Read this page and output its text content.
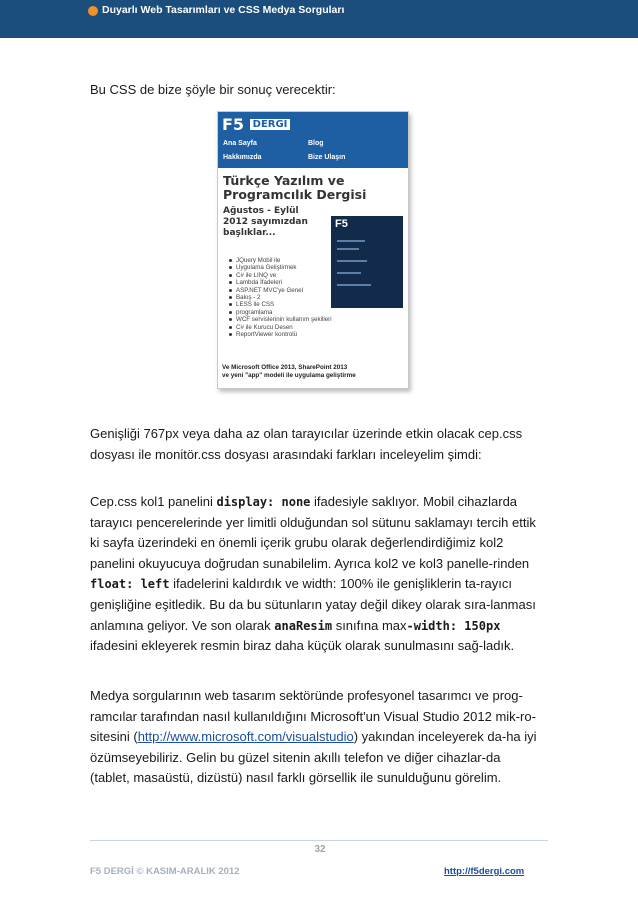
Duyarlı Web Tasarımları ve CSS Medya Sorguları
Bu CSS de bize şöyle bir sonuç verecektir:
F5 DERGİ
Ana Sayfa	Blog
Hakkımızda	Bize Ulaşın
Türkçe Yazılım ve
Programcılık Dergisi
Ağustos - Eylül
2012 sayımızdan
başlıklar...
F5
JQuery Mobil ile
Uygulama Geliştirmek
C# ile LINQ ve
Lambda İfadeleri
ASP.NET MVC'ye Genel
Bakış - 2
LESS ile CSS
programlama
WCF servislerinin kullanım şekilleri
C# ile Kurucu Desen
ReportViewer kontrolü
Ve Microsoft Office 2013, SharePoint 2013
ve yeni "app" modeli ile uygulama geliştirme
Genişliği 767px veya daha az olan tarayıcılar üzerinde etkin olacak cep.css dosyası ile monitör.css dosyası arasındaki farkları inceleyelim şimdi:
Cep.css kol1 panelini display: none ifadesiyle saklıyor. Mobil cihazlarda tarayıcı pencerelerinde yer limitli olduğundan sol sütunu saklamayı tercih ettik ki sayfa üzerindeki en önemli içerik grubu olarak değerlendirdiğimiz kol2 panelini okuyucuya doğrudan sunabilelim. Ayrıca kol2 ve kol3 panelle-rinden float: left ifadelerini kaldırdık ve width: 100% ile genişliklerin ta-rayıcı genişliğine eşitledik. Bu da bu sütunların yatay değil dikey olarak sıra-lanması anlamına geliyor. Ve son olarak anaResim sınıfına max-width: 150px ifadesini ekleyerek resmin biraz daha küçük olarak sunulmasını sağ-ladık.
Medya sorgularının web tasarım sektöründe profesyonel tasarımcı ve prog-ramcılar tarafından nasıl kullanıldığını Microsoft'un Visual Studio 2012 mik-ro-sitesini (http://www.microsoft.com/visualstudio) yakından inceleyerek da-ha iyi özümseyebiliriz. Gelin bu güzel sitenin akıllı telefon ve diğer cihazlar-da (tablet, masaüstü, dizüstü) nasıl farklı görsellik ile sunulduğunu görelim.
32
F5 DERGİ © KASIM-ARALIK 2012	http://f5dergi.com
